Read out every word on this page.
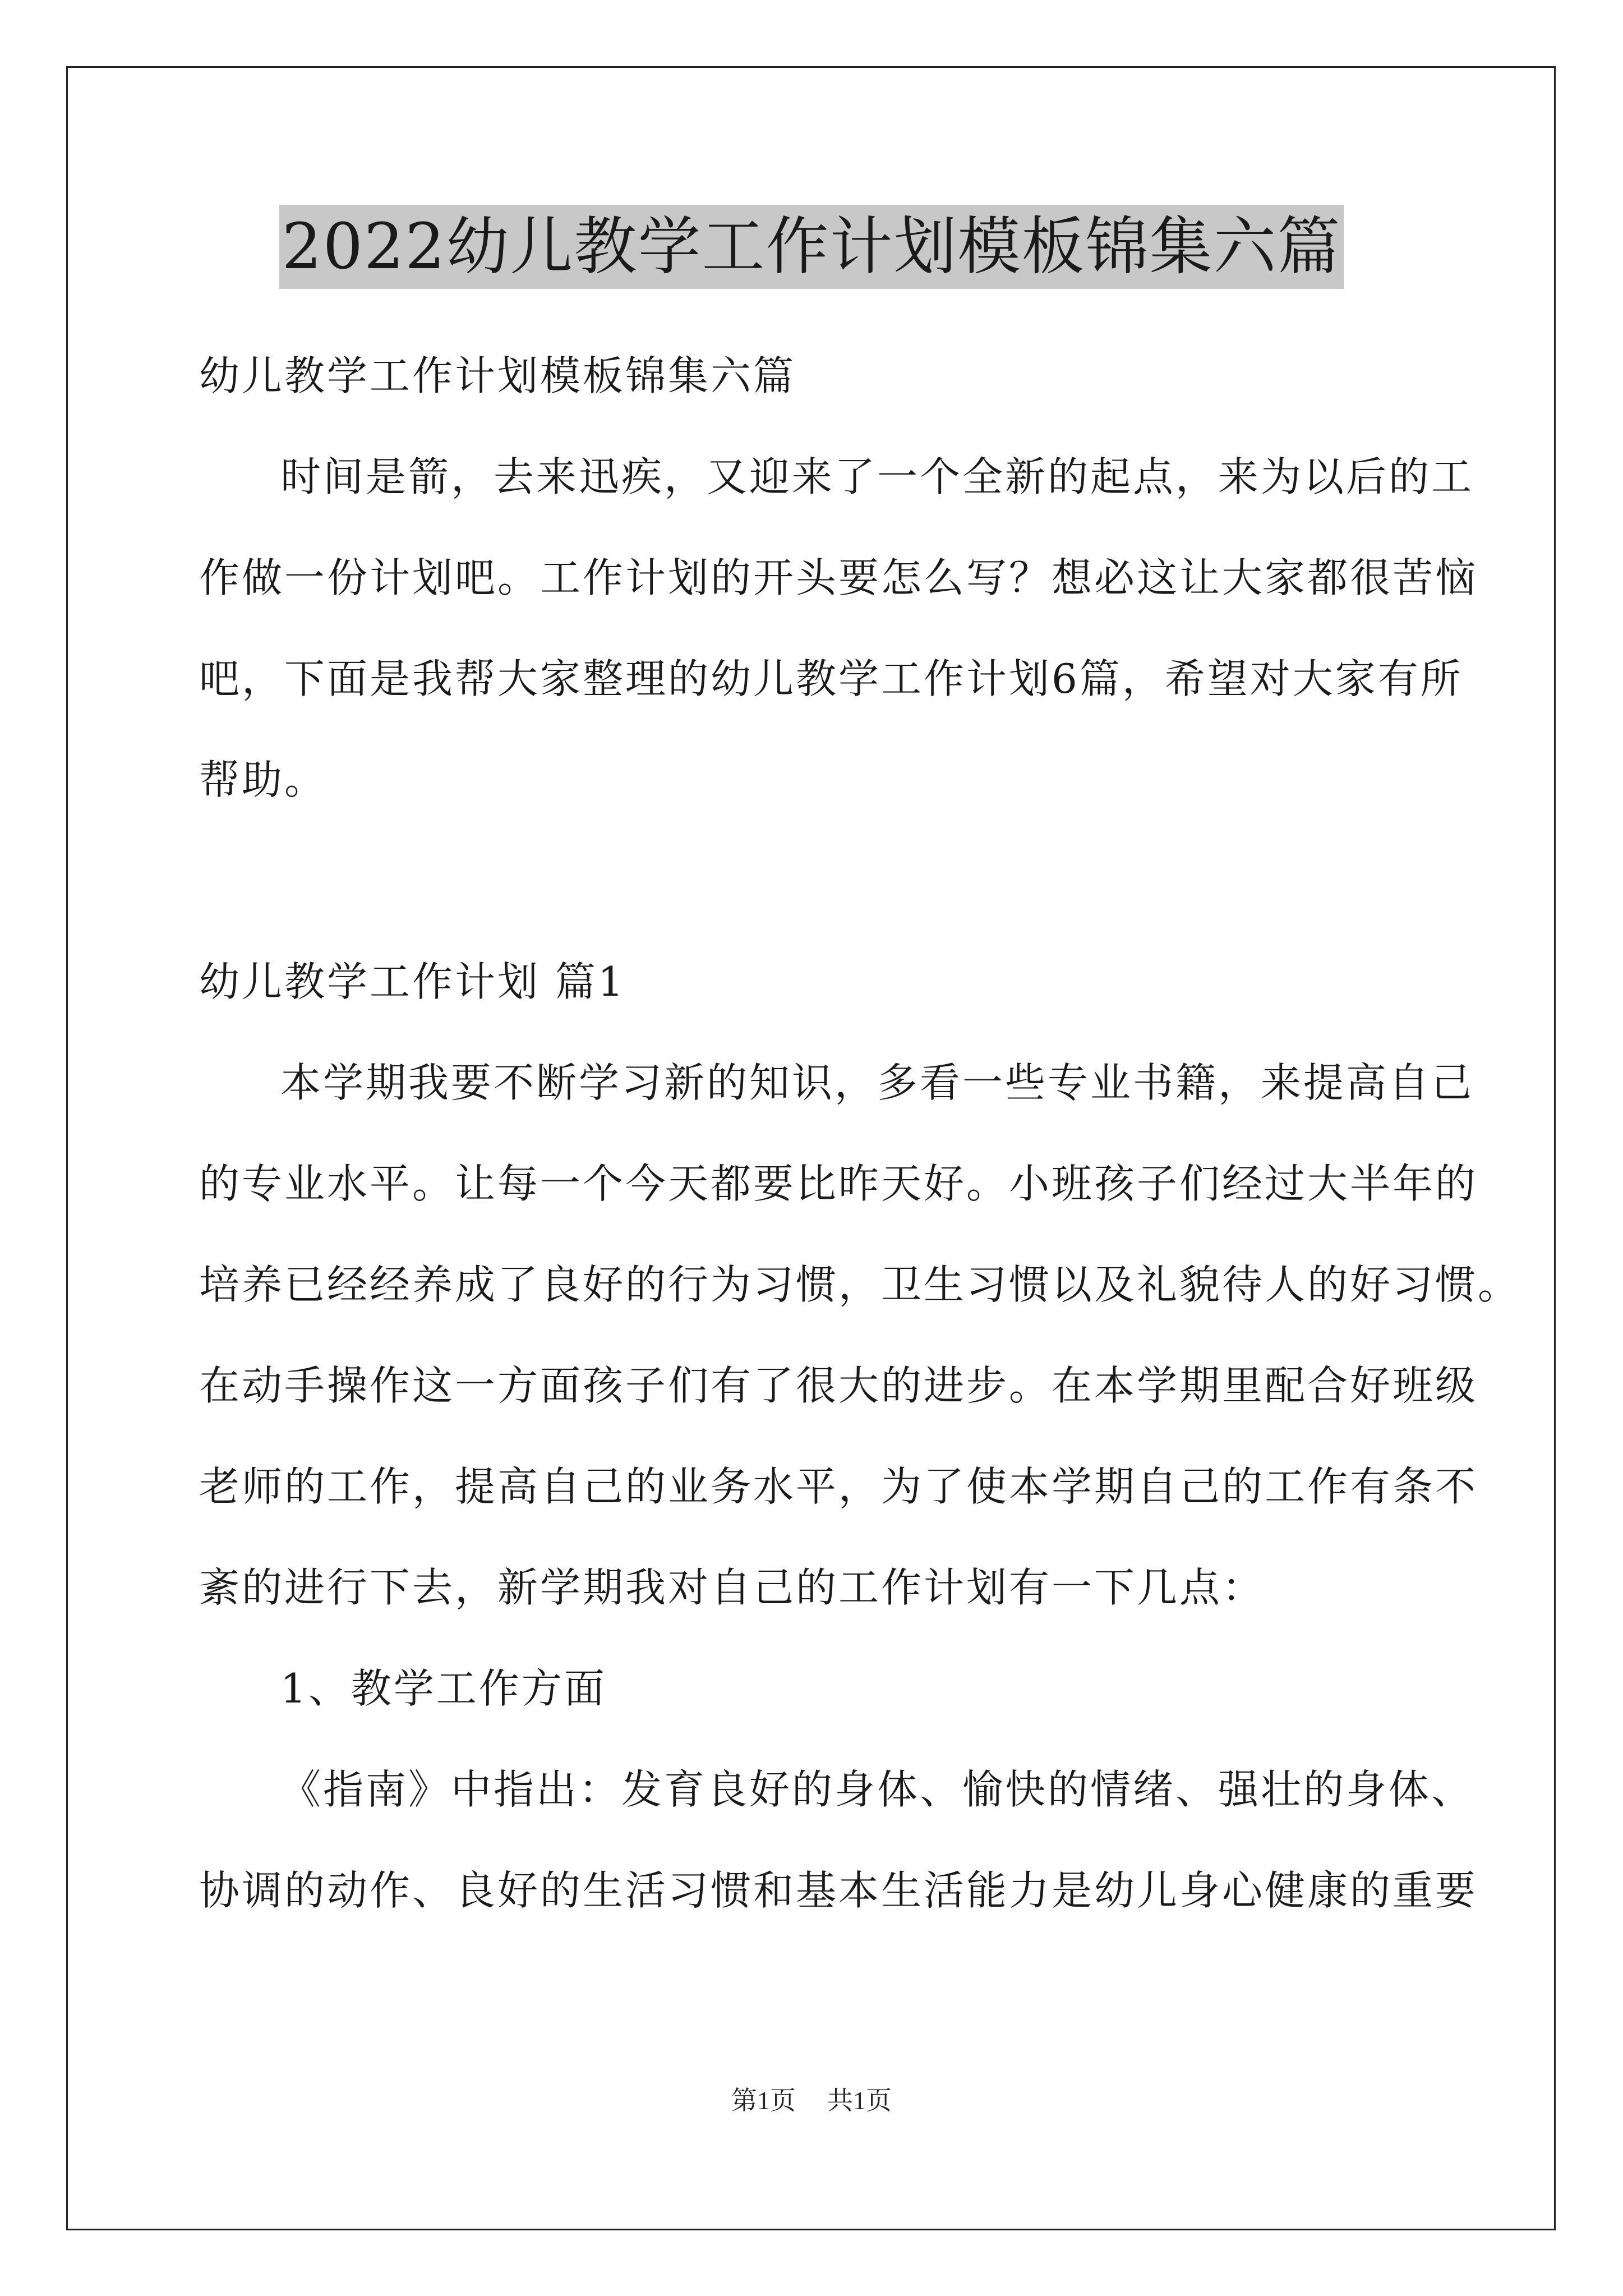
2022幼儿教学工作计划模板锦集六篇

幼儿教学工作计划模板锦集六篇

时间是箭，去来迅疾，又迎来了一个全新的起点，来为以后的工

作做一份计划吧。工作计划的开头要怎么写？想必这让大家都很苦恼

吧，下面是我帮大家整理的幼儿教学工作计划6篇，希望对大家有所

帮助。

幼儿教学工作计划 篇1

本学期我要不断学习新的知识，多看一些专业书籍，来提高自己

的专业水平。让每一个今天都要比昨天好。小班孩子们经过大半年的

培养已经经养成了良好的行为习惯，卫生习惯以及礼貌待人的好习惯。

在动手操作这一方面孩子们有了很大的进步。在本学期里配合好班级

老师的工作，提高自己的业务水平，为了使本学期自己的工作有条不

紊的进行下去，新学期我对自己的工作计划有一下几点：

1、教学工作方面

《指南》中指出：发育良好的身体、愉快的情绪、强壮的身体、

协调的动作、良好的生活习惯和基本生活能力是幼儿身心健康的重要

第1页 共1页
